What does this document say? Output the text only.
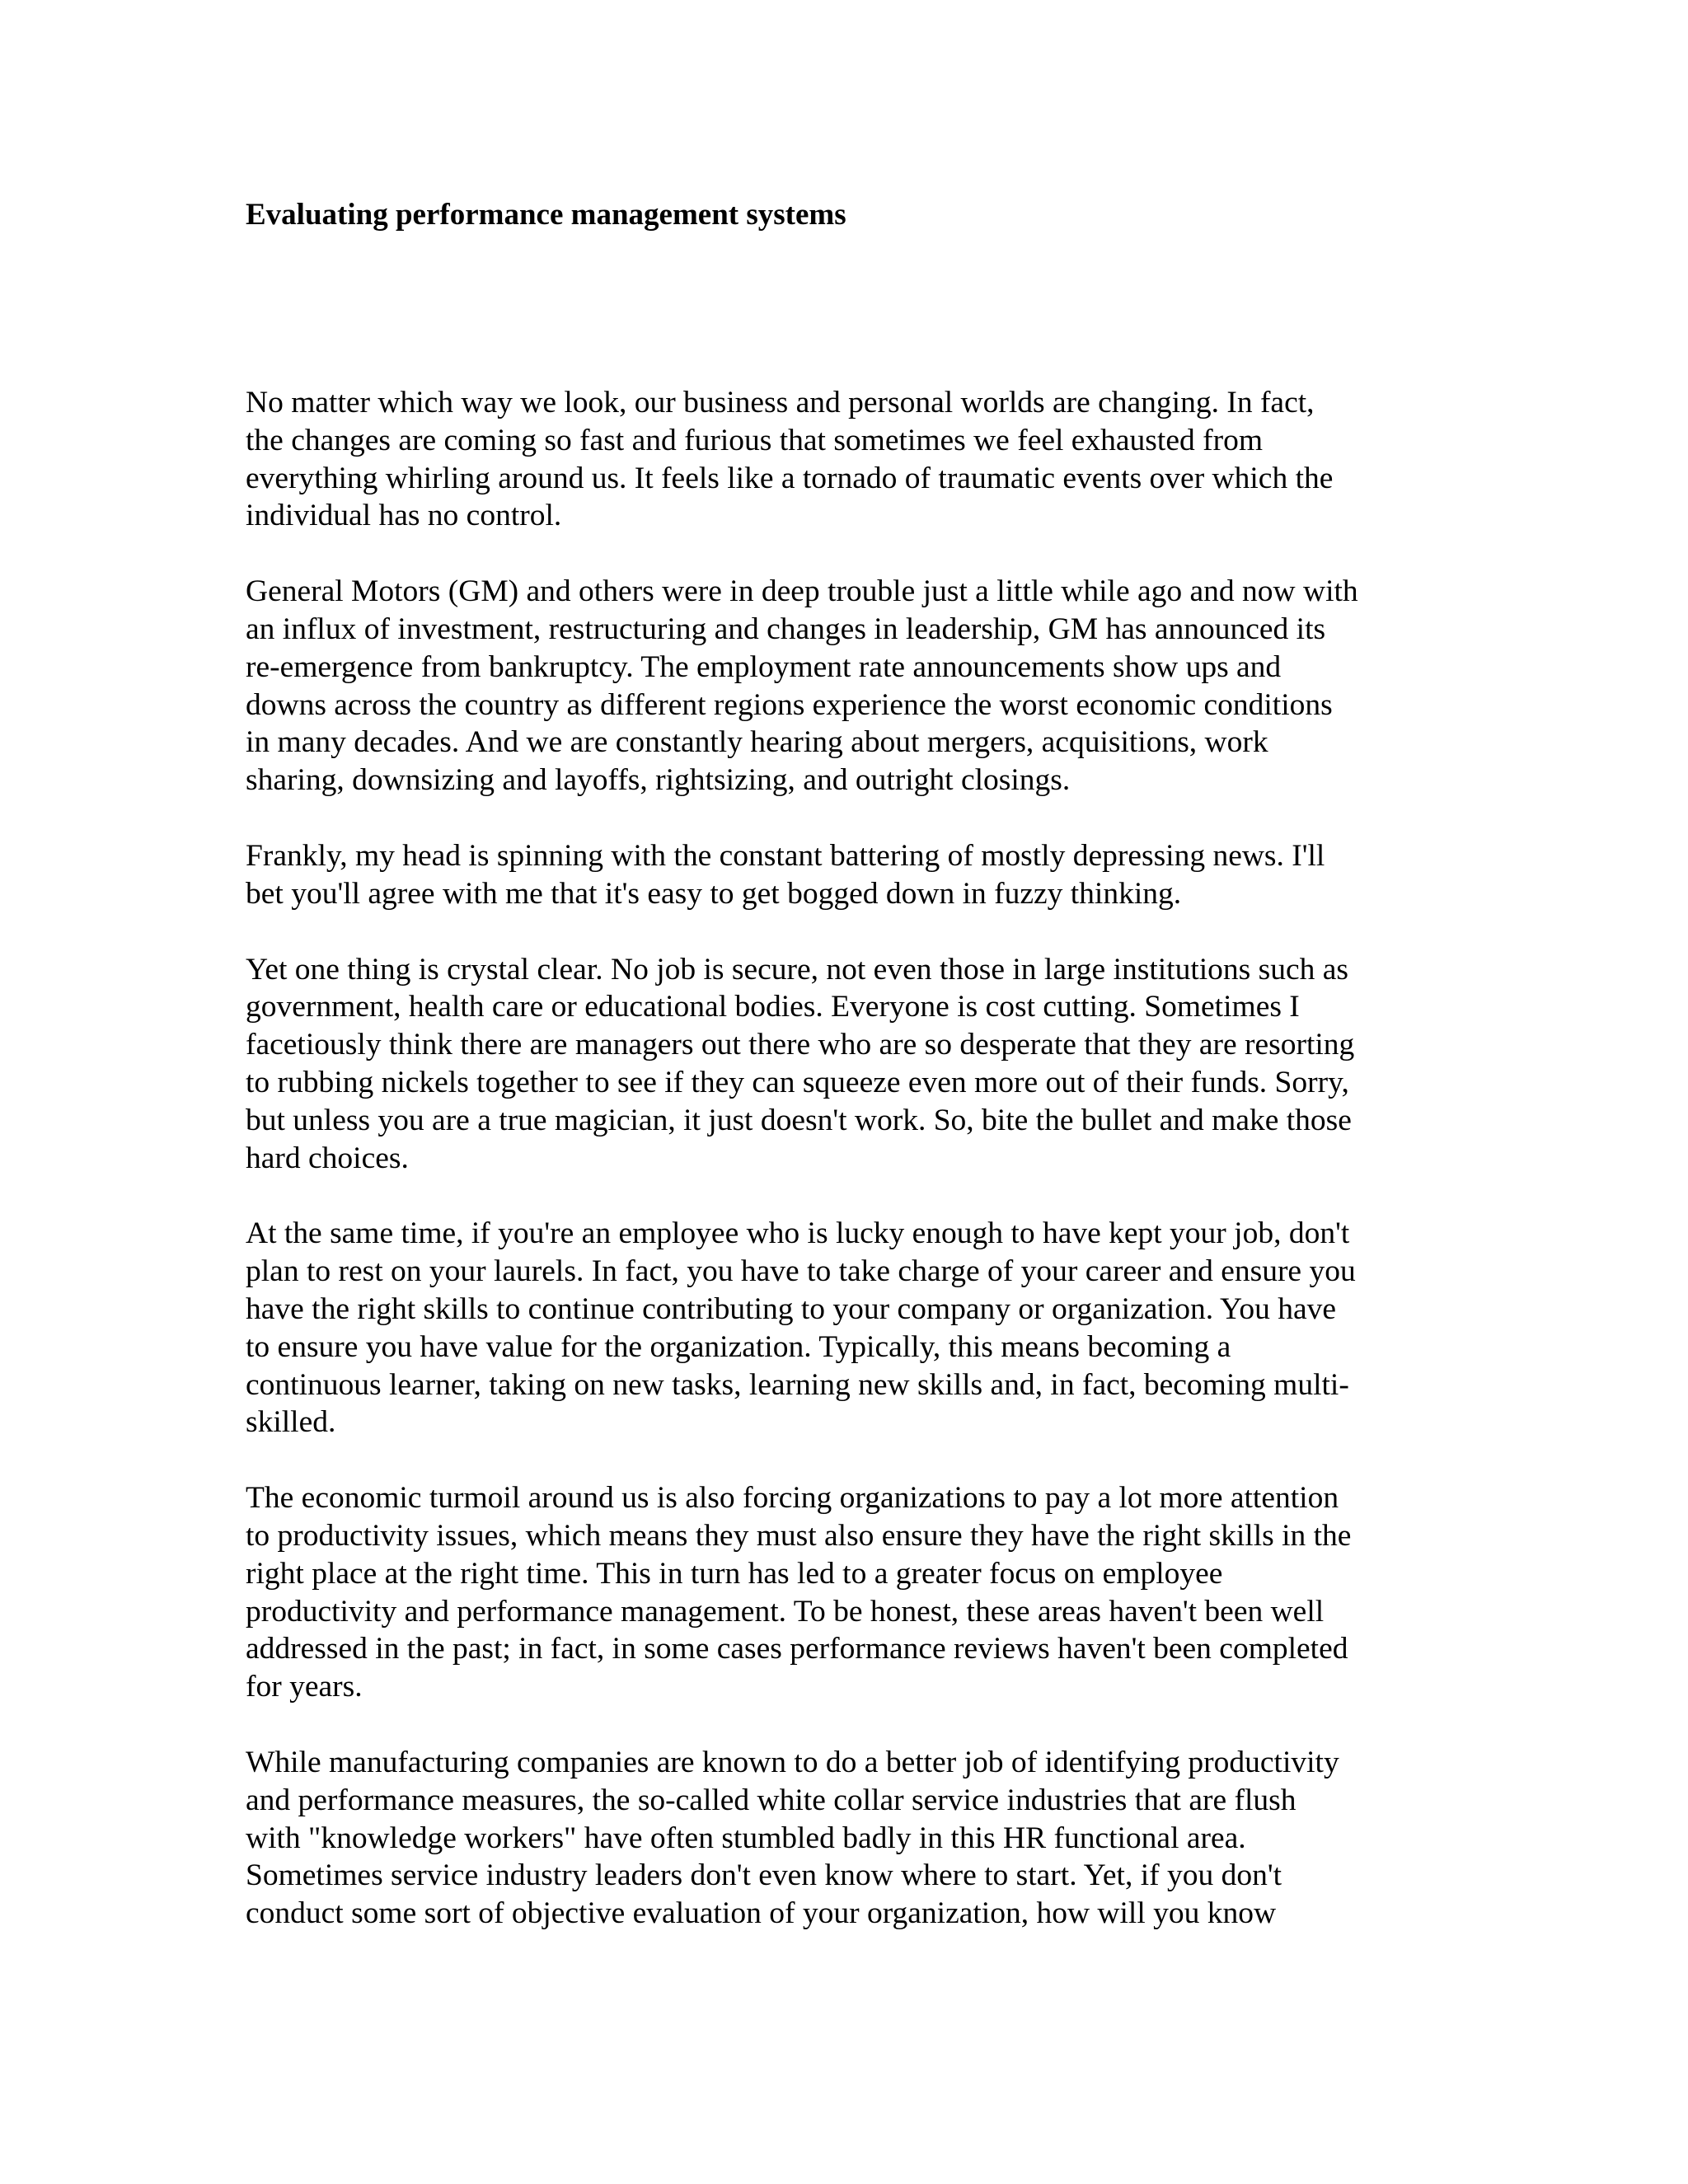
Evaluating performance management systems

No matter which way we look, our business and personal worlds are changing. In fact,
the changes are coming so fast and furious that sometimes we feel exhausted from
everything whirling around us. It feels like a tornado of traumatic events over which the
individual has no control.

General Motors (GM) and others were in deep trouble just a little while ago and now with
an influx of investment, restructuring and changes in leadership, GM has announced its
re-emergence from bankruptcy. The employment rate announcements show ups and
downs across the country as different regions experience the worst economic conditions
in many decades. And we are constantly hearing about mergers, acquisitions, work
sharing, downsizing and layoffs, rightsizing, and outright closings.

Frankly, my head is spinning with the constant battering of mostly depressing news. I'll
bet you'll agree with me that it's easy to get bogged down in fuzzy thinking.

Yet one thing is crystal clear. No job is secure, not even those in large institutions such as
government, health care or educational bodies. Everyone is cost cutting. Sometimes I
facetiously think there are managers out there who are so desperate that they are resorting
to rubbing nickels together to see if they can squeeze even more out of their funds. Sorry,
but unless you are a true magician, it just doesn't work. So, bite the bullet and make those
hard choices.

At the same time, if you're an employee who is lucky enough to have kept your job, don't
plan to rest on your laurels. In fact, you have to take charge of your career and ensure you
have the right skills to continue contributing to your company or organization. You have
to ensure you have value for the organization. Typically, this means becoming a
continuous learner, taking on new tasks, learning new skills and, in fact, becoming multi-
skilled.

The economic turmoil around us is also forcing organizations to pay a lot more attention
to productivity issues, which means they must also ensure they have the right skills in the
right place at the right time. This in turn has led to a greater focus on employee
productivity and performance management. To be honest, these areas haven't been well
addressed in the past; in fact, in some cases performance reviews haven't been completed
for years.

While manufacturing companies are known to do a better job of identifying productivity
and performance measures, the so-called white collar service industries that are flush
with "knowledge workers" have often stumbled badly in this HR functional area.
Sometimes service industry leaders don't even know where to start. Yet, if you don't
conduct some sort of objective evaluation of your organization, how will you know
